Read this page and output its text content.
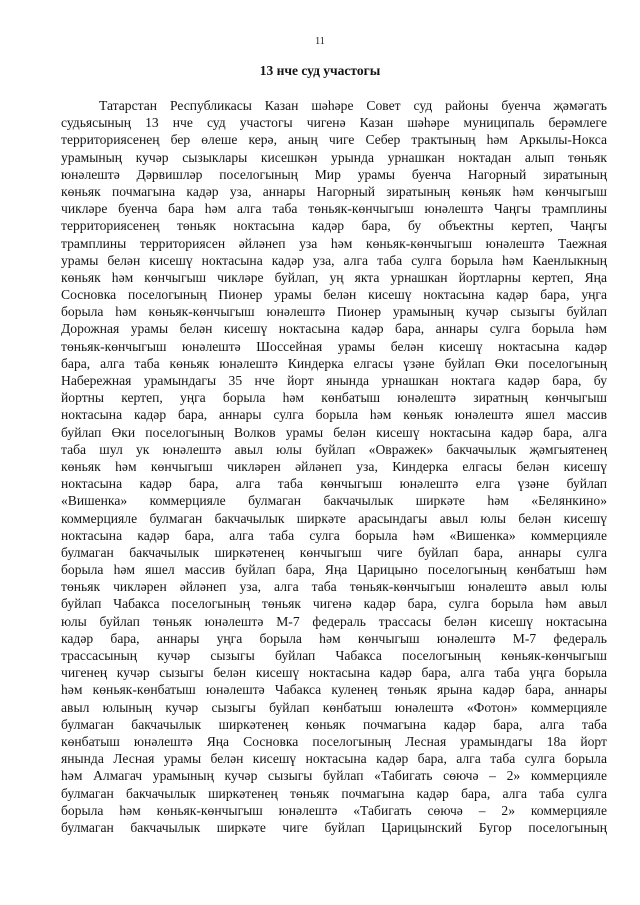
11
13 нче суд участогы
Татарстан Республикасы Казан шәһәре Совет суд районы буенча җәмәгать
судьясының 13 нче суд участогы чигенә Казан шәһәре муниципаль берәмлеге
территориясенең бер өлеше керә, аның чиге Себер трактының һәм Аркылы-Нокса
урамының кучәр сызыклары кисешкән урында урнашкан ноктадан алып төньяк
юнәлештә Дәрвишләр поселогының Мир урамы буенча Нагорный зиратының
көньяк почмагына кадәр уза, аннары Нагорный зиратының көньяк һәм көнчыгыш
чикләре буенча бара һәм алга таба төньяк-көнчыгыш юнәлештә Чаңгы трамплины
территориясенең төньяк ноктасына кадәр бара, бу объектны кертеп, Чаңгы
трамплины территориясен әйләнеп уза һәм көньяк-көнчыгыш юнәлештә Таежная
урамы белән кисешү ноктасына кадәр уза, алга таба сулга борыла һәм Каенлыкның
көньяк һәм көнчыгыш чикләре буйлап, уң якта урнашкан йортларны кертеп, Яңа
Сосновка поселогының Пионер урамы белән кисешү ноктасына кадәр бара, уңга
борыла һәм көньяк-көнчыгыш юнәлештә Пионер урамының кучәр сызыгы буйлап
Дорожная урамы белән кисешү ноктасына кадәр бара, аннары сулга борыла һәм
төньяк-көнчыгыш юнәлештә Шоссейная урамы белән кисешү ноктасына кадәр
бара, алга таба көньяк юнәлештә Киндерка елгасы үзәне буйлап Өки поселогының
Набережная урамындагы 35 нче йорт янында урнашкан ноктага кадәр бара, бу
йортны кертеп, уңга борыла һәм көнбатыш юнәлештә зиратның көнчыгыш
ноктасына кадәр бара, аннары сулга борыла һәм көньяк юнәлештә яшел массив
буйлап Өки поселогының Волков урамы белән кисешү ноктасына кадәр бара, алга
таба шул ук юнәлештә авыл юлы буйлап «Овражек» бакчачылык җәмгыятенең
көньяк һәм көнчыгыш чикләрен әйләнеп уза, Киндерка елгасы белән кисешү
ноктасына кадәр бара, алга таба көнчыгыш юнәлештә елга үзәне буйлап
«Вишенка» коммерцияле булмаган бакчачылык ширкәте һәм «Белянкино»
коммерцияле булмаган бакчачылык ширкәте арасындагы авыл юлы белән кисешү
ноктасына кадәр бара, алга таба сулга борыла һәм «Вишенка» коммерцияле
булмаган бакчачылык ширкәтенең көнчыгыш чиге буйлап бара, аннары сулга
борыла һәм яшел массив буйлап бара, Яңа Царицыно поселогының көнбатыш һәм
төньяк чикләрен әйләнеп уза, алга таба төньяк-көнчыгыш юнәлештә авыл юлы
буйлап Чабакса поселогының төньяк чигенә кадәр бара, сулга борыла һәм авыл
юлы буйлап төньяк юнәлештә М-7 федераль трассасы белән кисешү ноктасына
кадәр бара, аннары уңга борыла һәм көнчыгыш юнәлештә М-7 федераль
трассасының кучәр сызыгы буйлап Чабакса поселогының көньяк-көнчыгыш
чигенең кучәр сызыгы белән кисешү ноктасына кадәр бара, алга таба уңга борыла
һәм көньяк-көнбатыш юнәлештә Чабакса куленең төньяк ярына кадәр бара, аннары
авыл юлының кучәр сызыгы буйлап көнбатыш юнәлештә «Фотон» коммерцияле
булмаган бакчачылык ширкәтенең көньяк почмагына кадәр бара, алга таба
көнбатыш юнәлештә Яңа Сосновка поселогының Лесная урамындагы 18а йорт
янында Лесная урамы белән кисешү ноктасына кадәр бара, алга таба сулга борыла
һәм Алмагач урамының кучәр сызыгы буйлап «Табигать сөючә – 2» коммерцияле
булмаган бакчачылык ширкәтенең төньяк почмагына кадәр бара, алга таба сулга
борыла һәм көньяк-көнчыгыш юнәлештә «Табигать сөючә – 2» коммерцияле
булмаган бакчачылык ширкәте чиге буйлап Царицынский Бугор поселогының
